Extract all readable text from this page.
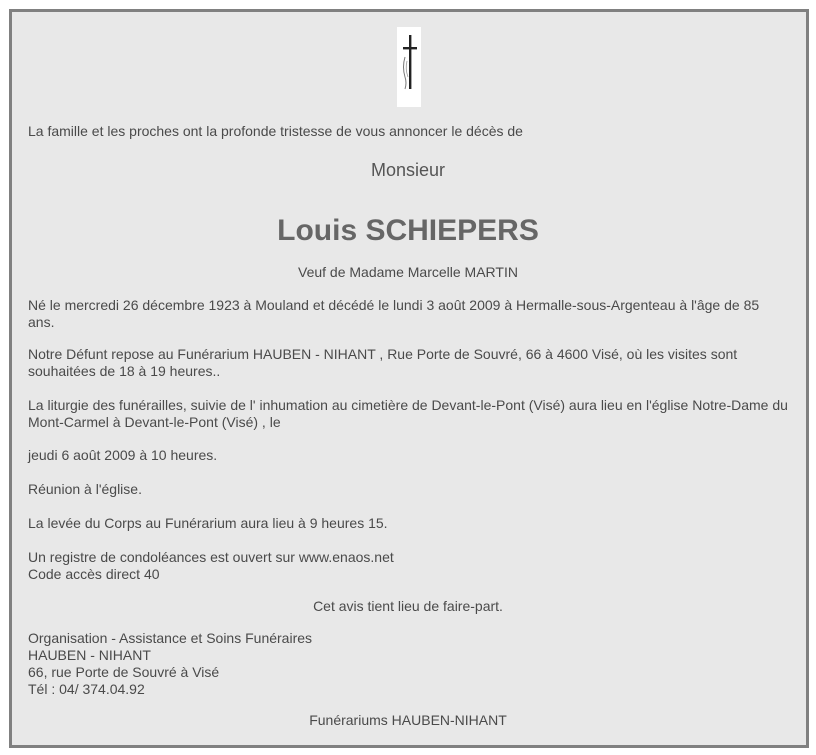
La famille et les proches ont la profonde tristesse de vous annoncer le décès de

Monsieur

Louis SCHIEPERS

Veuf de Madame Marcelle MARTIN

Né le mercredi 26 décembre 1923 à Mouland et décédé le lundi 3 août 2009 à Hermalle-sous-Argenteau à l'âge de 85 ans.

Notre Défunt repose au Funérarium HAUBEN - NIHANT , Rue Porte de Souvré, 66 à 4600 Visé, où les visites sont souhaitées de 18 à 19 heures..

La liturgie des funérailles, suivie de l' inhumation au cimetière de Devant-le-Pont (Visé) aura lieu en l'église Notre-Dame du Mont-Carmel à Devant-le-Pont (Visé) , le

jeudi 6 août 2009 à 10 heures.

Réunion à l'église.

La levée du Corps au Funérarium aura lieu à 9 heures 15.

Un registre de condoléances est ouvert sur www.enaos.net

Code accès direct 40

Cet avis tient lieu de faire-part.

Organisation - Assistance et Soins Funéraires

HAUBEN - NIHANT

66, rue Porte de Souvré à Visé

Tél : 04/ 374.04.92

Funérariums HAUBEN-NIHANT
